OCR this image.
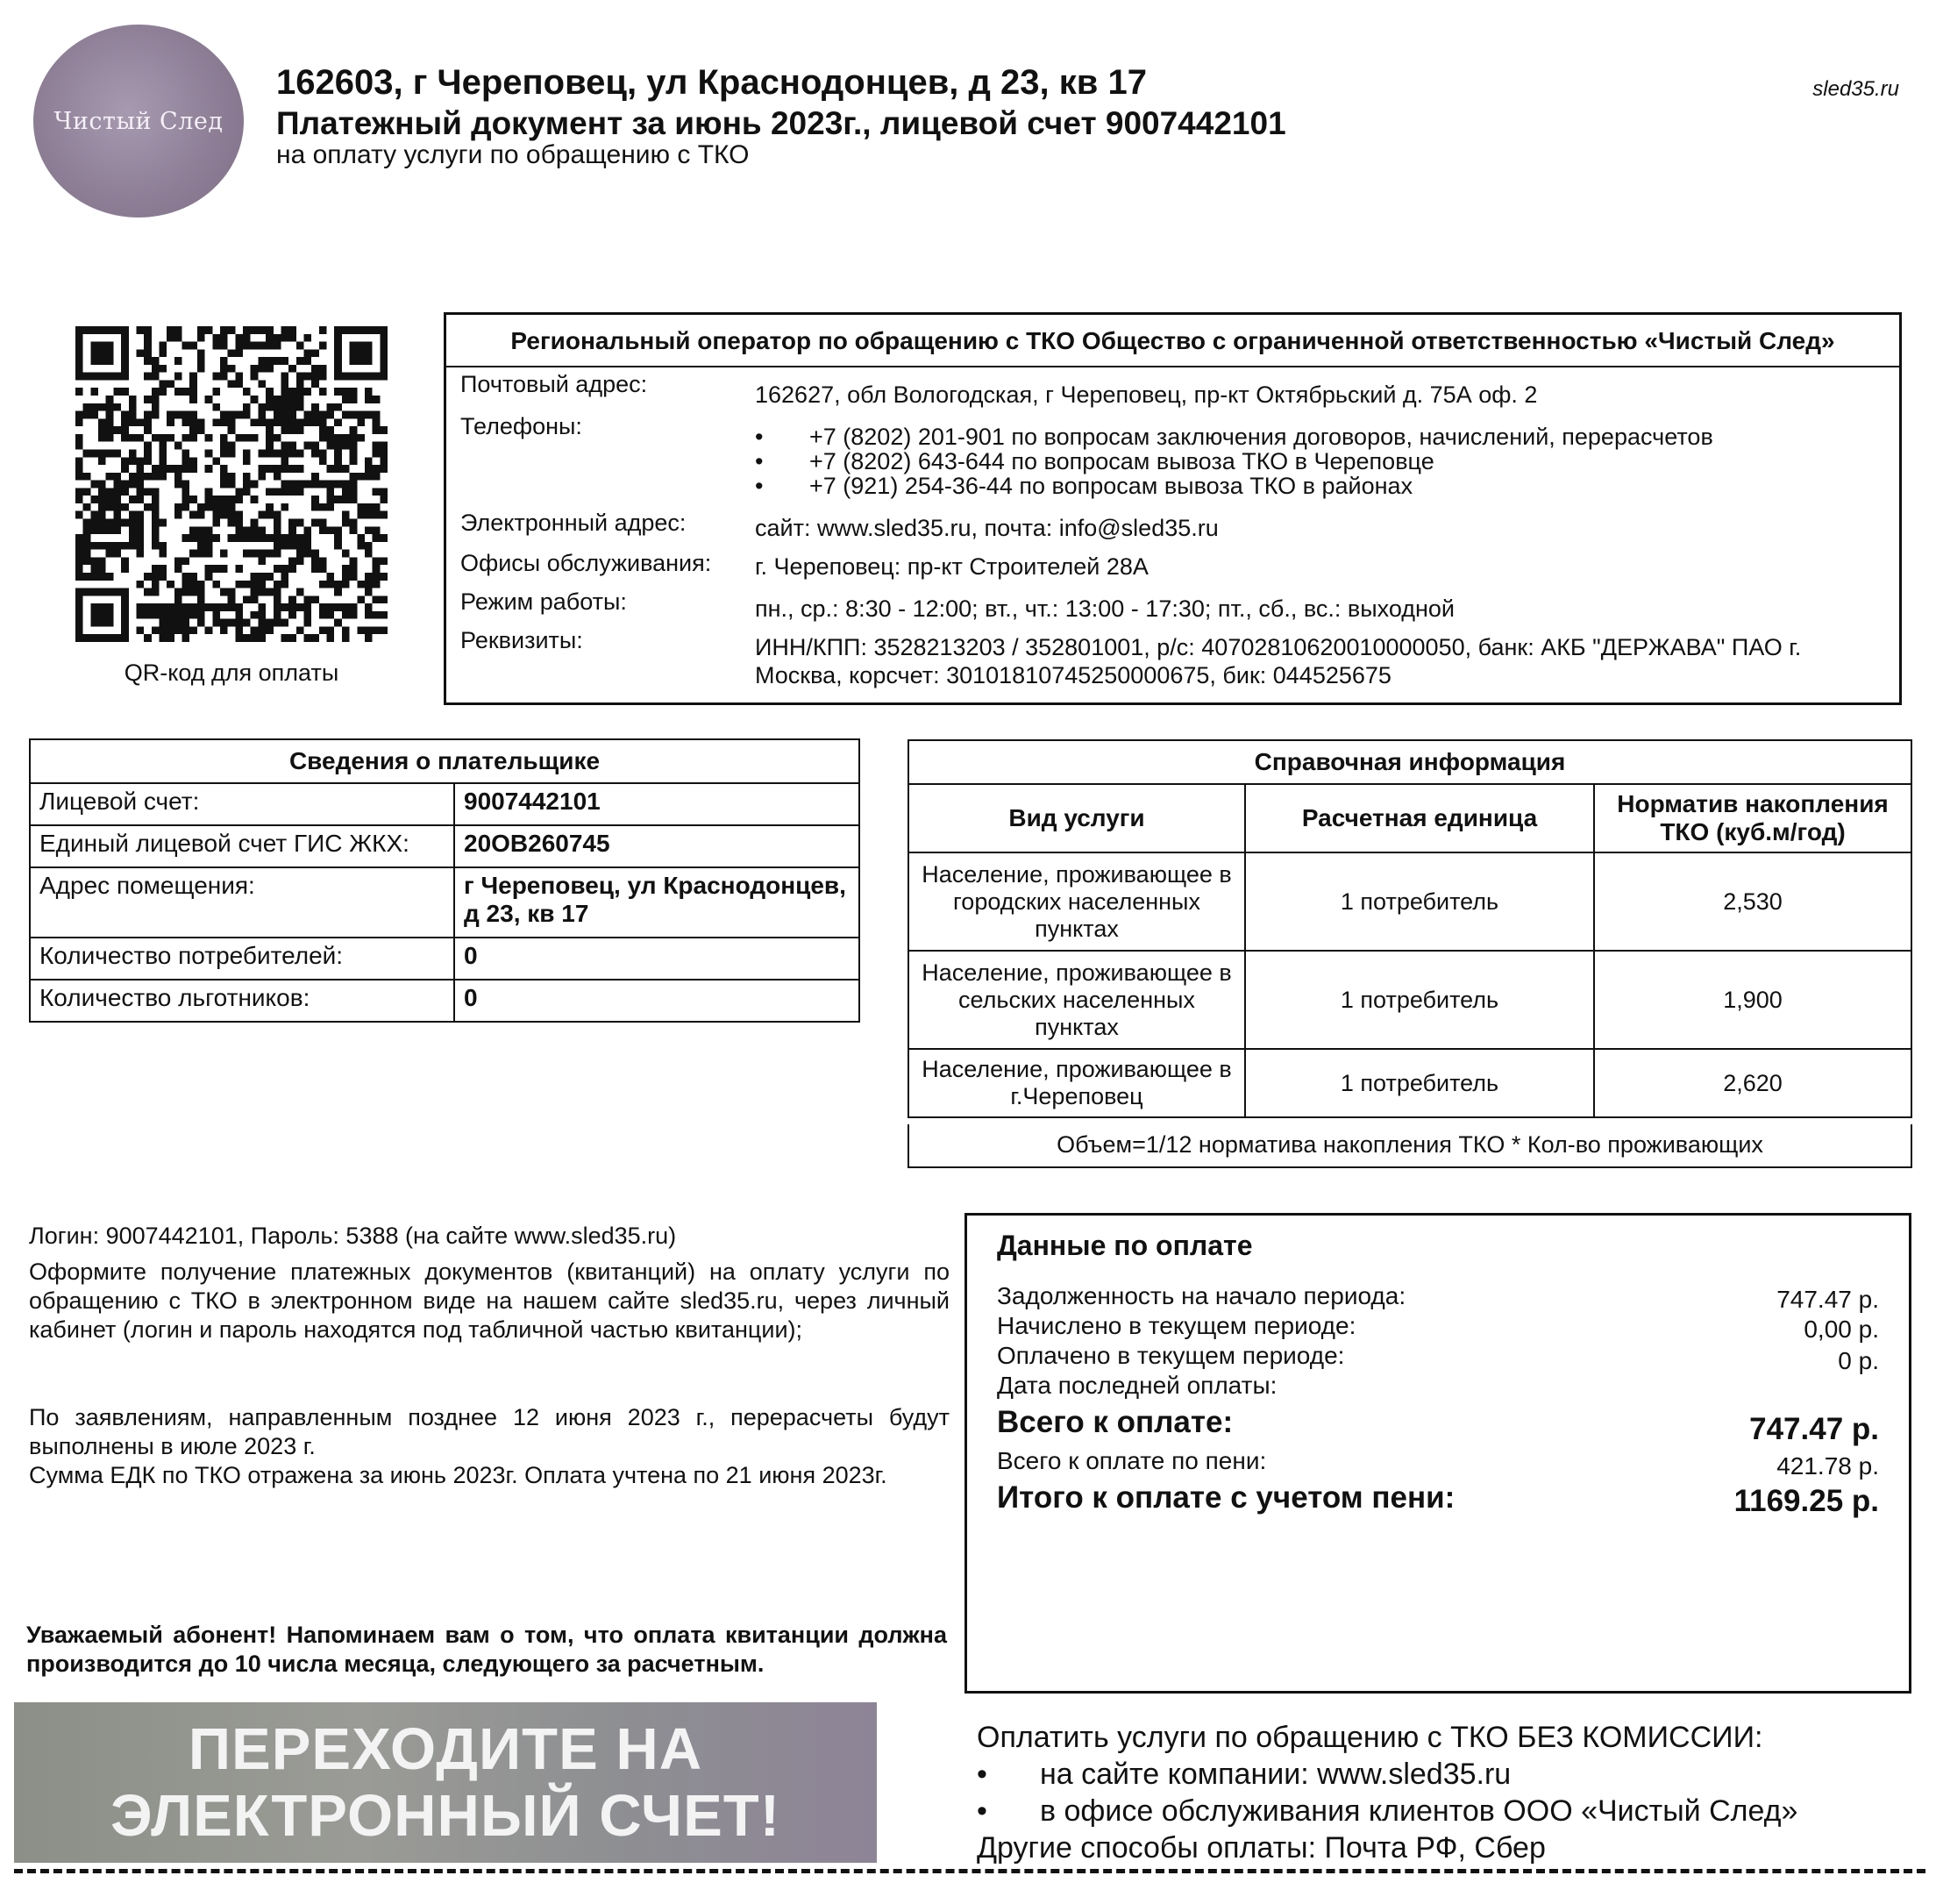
Чистый След
162603, г Череповец, ул Краснодонцев, д 23, кв 17
Платежный документ за июнь 2023г., лицевой счет 9007442101
на оплату услуги по обращению с ТКО
sled35.ru
QR-код для оплаты
Региональный оператор по обращению с ТКО Общество с ограниченной ответственностью «Чистый След»
Почтовый адрес:	162627, обл Вологодская, г Череповец, пр-кт Октябрьский д. 75А оф. 2
Телефоны:	• +7 (8202) 201-901 по вопросам заключения договоров, начислений, перерасчетов
• +7 (8202) 643-644 по вопросам вывоза ТКО в Череповце
• +7 (921) 254-36-44 по вопросам вывоза ТКО в районах
Электронный адрес:	сайт: www.sled35.ru, почта: info@sled35.ru
Офисы обслуживания: г. Череповец: пр-кт Строителей 28А
Режим работы:	пн., ср.: 8:30 - 12:00; вт., чт.: 13:00 - 17:30; пт., сб., вс.: выходной
Реквизиты:	ИНН/КПП: 3528213203 / 352801001, р/с: 40702810620010000050, банк: АКБ "ДЕРЖАВА" ПАО г.
Москва, корсчет: 30101810745250000675, бик: 044525675
Сведения о плательщике	
Лицевой счет:	9007442101
Единый лицевой счет ГИС ЖКХ:	20ОВ260745
Адрес помещения:	г Череповец, ул Краснодонцев, д 23, кв 17
Количество потребителей:	0
Количество льготников:	0
Справочная информация		
Вид услуги	Расчетная единица	Норматив накопления ТКО (куб.м/год)
Население, проживающее в городских населенных пунктах	1 потребитель	2,530
Население, проживающее в сельских населенных пунктах	1 потребитель	1,900
Население, проживающее в г.Череповец	1 потребитель	2,620
Объем=1/12 норматива накопления ТКО * Кол-во проживающих
Логин: 9007442101, Пароль: 5388 (на сайте www.sled35.ru)
Оформите получение платежных документов (квитанций) на оплату услуги по обращению с ТКО в электронном виде на нашем сайте sled35.ru, через личный кабинет (логин и пароль находятся под табличной частью квитанции);
По заявлениям, направленным позднее 12 июня 2023 г., перерасчеты будут выполнены в июле 2023 г.
Сумма ЕДК по ТКО отражена за июнь 2023г. Оплата учтена по 21 июня 2023г.
Уважаемый абонент! Напоминаем вам о том, что оплата квитанции должна производится до 10 числа месяца, следующего за расчетным.
Данные по оплате
Задолженность на начало периода:	747.47 р.
Начислено в текущем периоде:	0,00 р.
Оплачено в текущем периоде:	0 р.
Дата последней оплаты:
Всего к оплате:	747.47 р.
Всего к оплате по пени:	421.78 р.
Итого к оплате с учетом пени:	1169.25 р.
ПЕРЕХОДИТЕ НА
ЭЛЕКТРОННЫЙ СЧЕТ!
Оплатить услуги по обращению с ТКО БЕЗ КОМИССИИ:
• на сайте компании: www.sled35.ru
• в офисе обслуживания клиентов ООО «Чистый След»
Другие способы оплаты: Почта РФ, Сбер
